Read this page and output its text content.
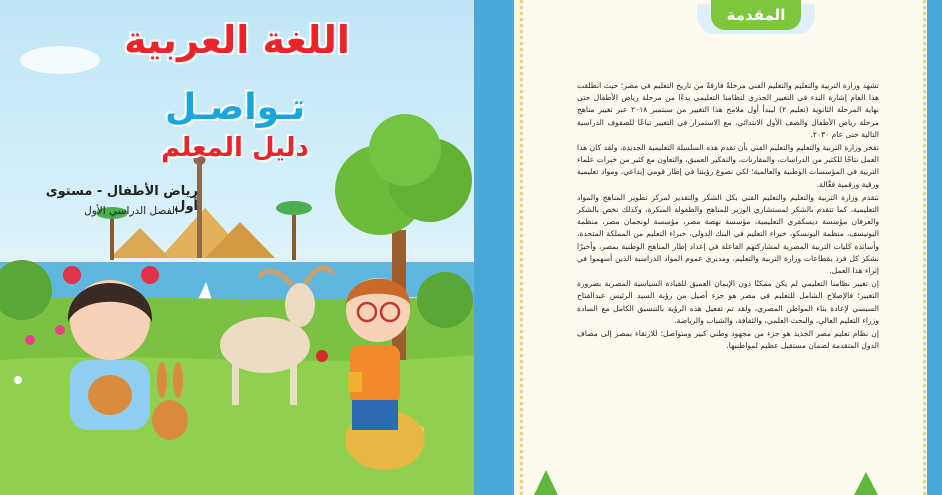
اللغة العربية
تـواصـل
دليل المعلم
رياض الأطفال - مستوى أول
الفصل الدراسي الأول
المقدمة

تشهد وزارة التربية والتعليم والتعليم الفني مرحلةً فارقةً من تاريخ التعليم في مصر؛ حيث انطلقت هذا العام إشارة البدء في التغيير الجذري لنظامنا التعليمي بدءًا من مرحلة رياض الأطفال حتى نهاية المرحلة الثانوية (تعليم ٢) ليبدأ أول ملامح هذا التغيير من سبتمبر ٢٠١٨ عبر تغيير مناهج مرحلة رياض الأطفال والصف الأول الابتدائي، مع الاستمرار في التغيير تباعًا للصفوف الدراسية التالية حتى عام ٢٠٣٠.

تفخر وزارة التربية والتعليم والتعليم الفني بأن تقدم هذه السلسلة التعليمية الجديدة، ولقد كان هذا العمل نتاجًا للكثير من الدراسات، والمقارنات، والتفكير العميق، والتعاون مع كثير من خبرات علماء التربية في المؤسسات الوطنية والعالمية؛ لكي نصوغ رؤيتنا في إطار قومي إبداعي، ومواد تعليمية ورقية ورقمية فعَّالة.

نتقدم وزارة التربية والتعليم والتعليم الفني بكل الشكر والتقدير لمركز تطوير المناهج والمواد التعليمية، كما تتقدم بالشكر لمستشاري الوزير للمناهج والطفولة المبكرة، وكذلك نخص بالشكر والعرفان مؤسسة ديسكفري التعليمية، مؤسسة نهضة مصر، مؤسسة لونجمان مصر، منظمة اليونيسف، منظمة اليونسكو، خبراء التعليم في البنك الدولي، خبراء التعليم من المملكة المتحدة، وأساتذة كليات التربية المصرية لمشاركتهم الفاعلة في إعداد إطار المناهج الوطنية بمصر، وأخيرًا نشكر كل فرد بقطاعات وزارة التربية والتعليم، ومديري عموم المواد الدراسية الذين أسهموا في إثراء هذا العمل.

إن تغيير نظامنا التعليمي لم يكن ممكنًا دون الإيمان العميق للقيادة السياسية المصرية بضرورة التغيير؛ فالإصلاح الشامل للتعليم في مصر هو جزء أصيل من رؤية السيد الرئيس عبدالفتاح السيسي لإعادة بناء المواطن المصري، ولقد تم تفعيل هذه الرؤية بالتنسيق الكامل مع السادة وزراء التعليم العالي، والبحث العلمي، والثقافة، والشباب والرياضة.

إن نظام تعليم مصر الجديد هو جزء من مجهود وطني كبير ومتواصل؛ للارتقاء بمصر إلى مصاف الدول المتقدمة لضمان مستقبل عظيم لمواطنيها.
